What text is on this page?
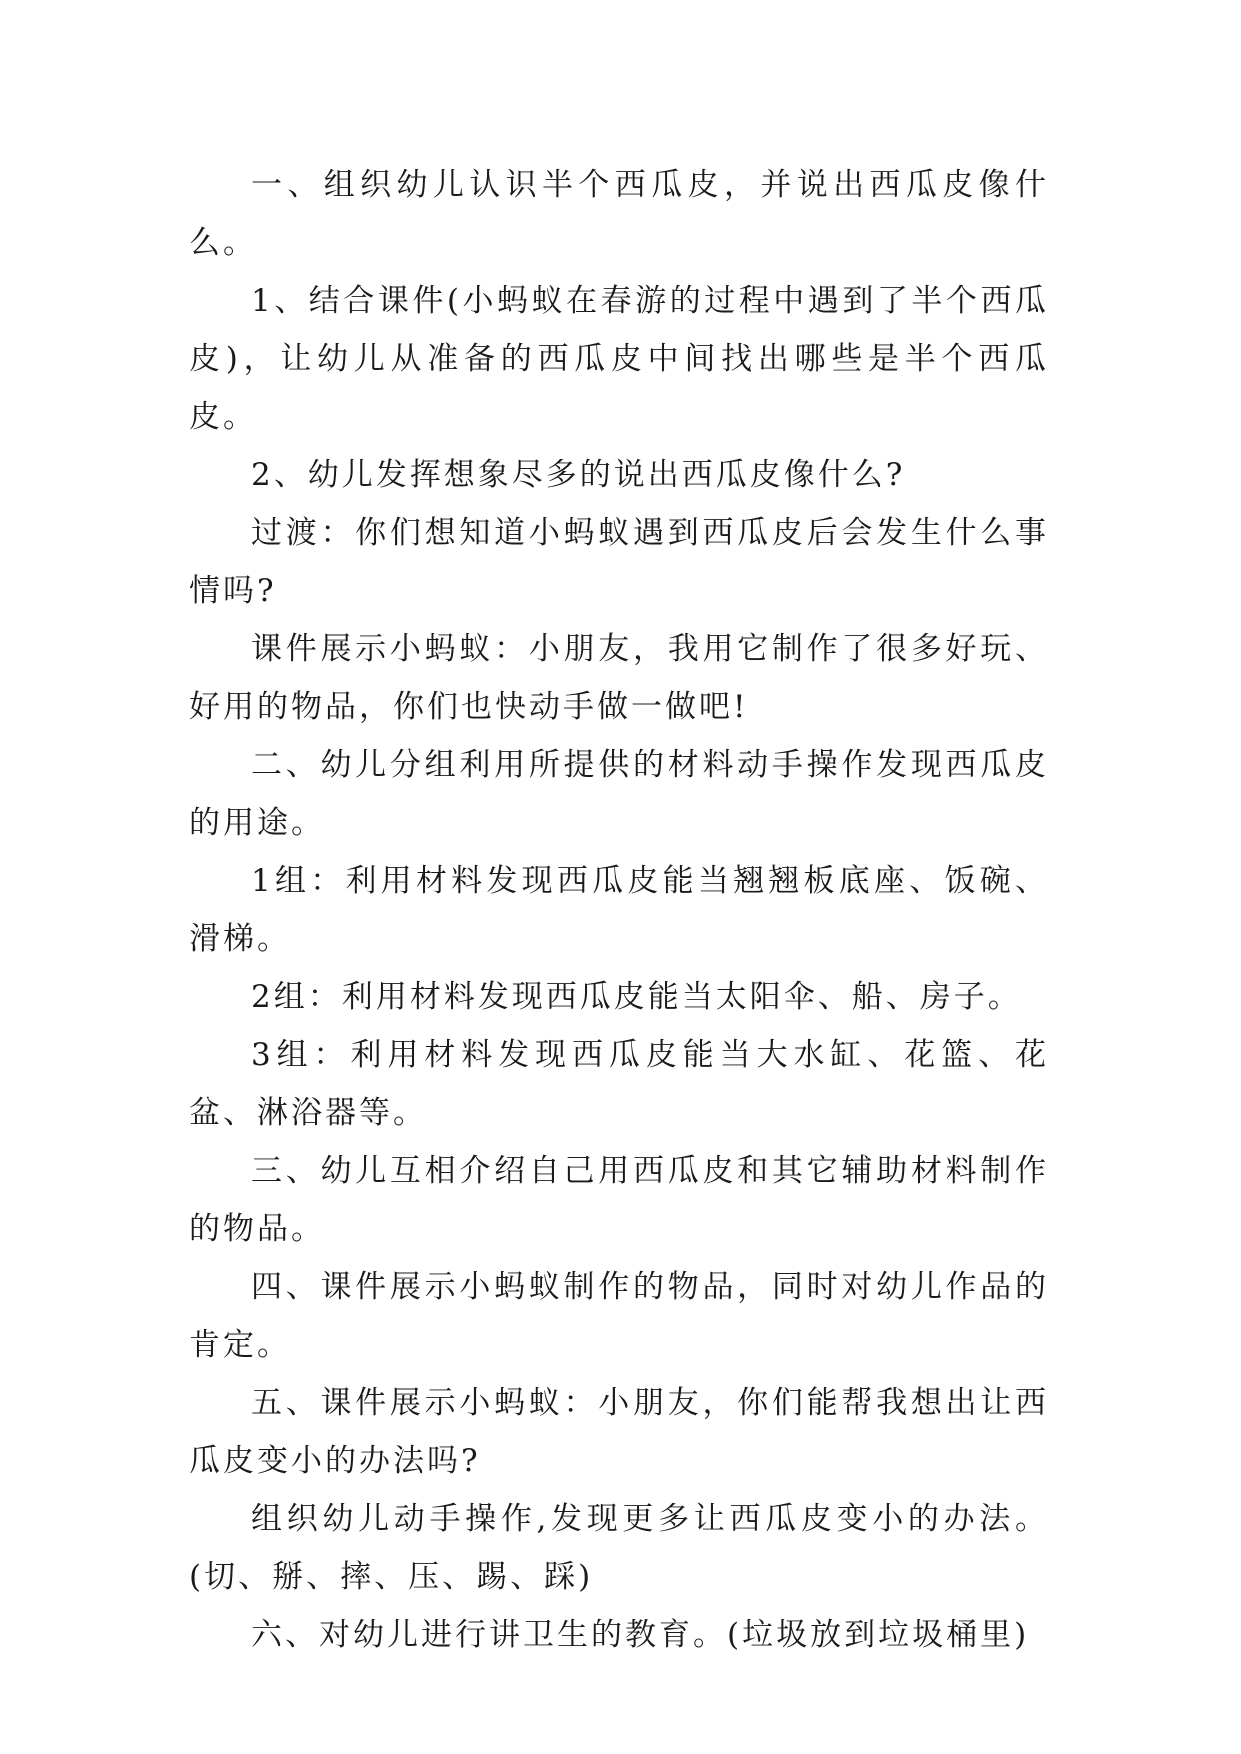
一、组织幼儿认识半个西瓜皮，并说出西瓜皮像什么。

1、结合课件(小蚂蚁在春游的过程中遇到了半个西瓜皮)，让幼儿从准备的西瓜皮中间找出哪些是半个西瓜皮。

2、幼儿发挥想象尽多的说出西瓜皮像什么?

过渡：你们想知道小蚂蚁遇到西瓜皮后会发生什么事情吗?

课件展示小蚂蚁：小朋友，我用它制作了很多好玩、好用的物品，你们也快动手做一做吧!

二、幼儿分组利用所提供的材料动手操作发现西瓜皮的用途。

1组：利用材料发现西瓜皮能当翘翘板底座、饭碗、滑梯。

2组：利用材料发现西瓜皮能当太阳伞、船、房子。

3组：利用材料发现西瓜皮能当大水缸、花篮、花盆、淋浴器等。

三、幼儿互相介绍自己用西瓜皮和其它辅助材料制作的物品。

四、课件展示小蚂蚁制作的物品，同时对幼儿作品的肯定。

五、课件展示小蚂蚁：小朋友，你们能帮我想出让西瓜皮变小的办法吗?

组织幼儿动手操作,发现更多让西瓜皮变小的办法。(切、掰、摔、压、踢、踩)

六、对幼儿进行讲卫生的教育。(垃圾放到垃圾桶里)
